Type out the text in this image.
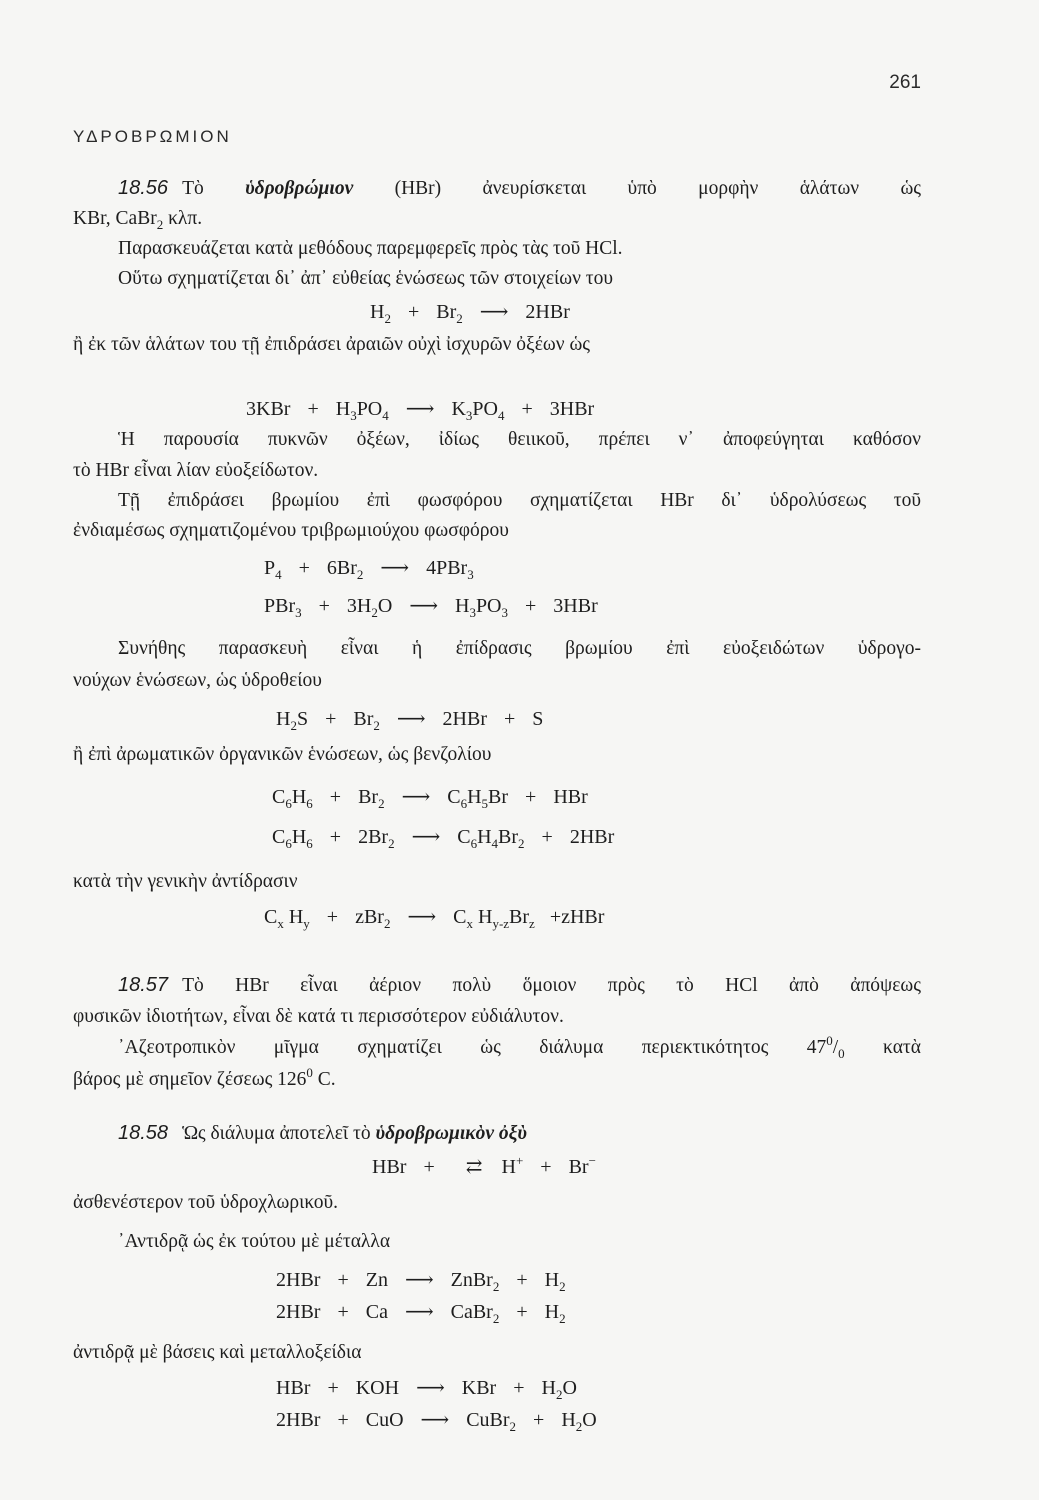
261
ΥΔΡΟΒΡΩΜΙΟΝ
18.56 Τὸ ὑδροβρώμιον (HBr) ἀνευρίσκεται ὑπὸ μορφὴν ἁλάτων ὡς
KBr, CaBr$_2$ κλπ.
Παρασκευάζεται κατὰ μεθόδους παρεμφερεῖς πρὸς τὰς τοῦ HCl.
Οὕτω σχηματίζεται δι᾽ ἀπ᾽ εὐθείας ἑνώσεως τῶν στοιχείων του
$H_2 + Br_2$ ⟶ 2HBr
ἢ ἐκ τῶν ἁλάτων του τῇ ἐπιδράσει ἀραιῶν οὐχὶ ἰσχυρῶν ὀξέων ὡς
$3KBr + H_3PO_4$ ⟶ $K_3PO_4 + 3HBr$
Ἡ παρουσία πυκνῶν ὀξέων, ἰδίως θειικοῦ, πρέπει ν᾽ ἀποφεύγηται καθόσον
τὸ HBr εἶναι λίαν εὐοξείδωτον.
Τῇ ἐπιδράσει βρωμίου ἐπὶ φωσφόρου σχηματίζεται HBr δι᾽ ὑδρολύσεως τοῦ
ἐνδιαμέσως σχηματιζομένου τριβρωμιούχου φωσφόρου
$P_4 + 6Br_2$ ⟶ 4PBr$_3$
$PBr_3 + 3H_2O$ ⟶ $H_3PO_3 + 3HBr$
Συνήθης παρασκευὴ εἶναι ἡ ἐπίδρασις βρωμίου ἐπὶ εὐοξειδώτων ὑδρογο-
νούχων ἑνώσεων, ὡς ὑδροθείου
$H_2S + Br_2$ ⟶ 2HBr + S
ἢ ἐπὶ ἀρωματικῶν ὀργανικῶν ἑνώσεων, ὡς βενζολίου
$C_6H_6 + Br_2$ ⟶ $C_6H_5Br$ + HBr
$C_6H_6 + 2Br_2$ ⟶ $C_6H_4Br_2 + 2HBr$
κατὰ τὴν γενικὴν ἀντίδρασιν
$C_x$ $H_y + zBr_2$ ⟶ $C_x$ $H_{y-z}Br_z$ +zHBr
18.57 Τὸ HBr εἶναι ἀέριον πολὺ ὅμοιον πρὸς τὸ HCl ἀπὸ ἀπόψεως
φυσικῶν ἰδιοτήτων, εἶναι δὲ κατά τι περισσότερον εὐδιάλυτον.
᾽Αζεοτροπικὸν μῖγμα σχηματίζει ὡς διάλυμα περιεκτικότητος $47^0/_0$ κατὰ
βάρος μὲ σημεῖον ζέσεως $126^0$ C.
18.58 Ὡς διάλυμα ἀποτελεῖ τὸ ὑδροβρωμικὸν ὀξὺ
HBr + ⇄ H+ + Br−
ἀσθενέστερον τοῦ ὑδροχλωρικοῦ.
᾽Αντιδρᾷ ὡς ἐκ τούτου μὲ μέταλλα
2HBr + Zn ⟶ ZnBr$_2$ + $H_2$
2HBr + Ca ⟶ CaBr$_2$ + $H_2$
ἀντιδρᾷ μὲ βάσεις καὶ μεταλλοξείδια
HBr + KOH ⟶ KBr + $H_2O$
2HBr + CuO ⟶ CuBr$_2$ + $H_2O$
